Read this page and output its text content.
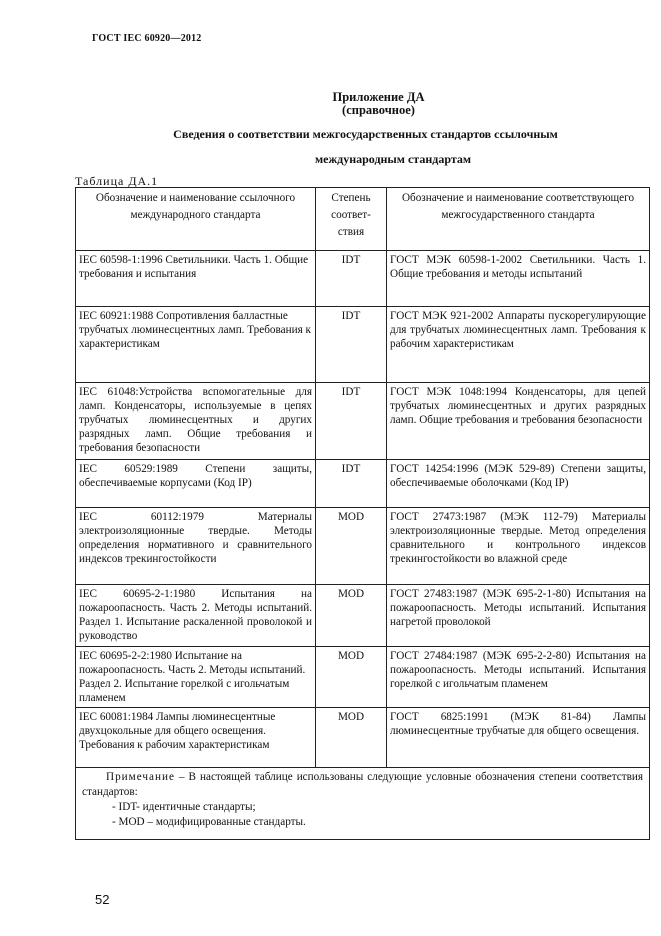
ГОСТ IEC 60920—2012
Приложение ДА
(справочное)
Сведения о соответствии межгосударственных стандартов ссылочным
международным стандартам
Таблица ДА.1
Обозначение и наименование ссылочного международного стандарта	Степень соответ-ствия	Обозначение и наименование соответствующего межгосударственного стандарта
IEC 60598-1:1996 Светильники. Часть 1. Общие требования и испытания	IDT	ГОСТ МЭК 60598-1-2002 Светильники. Часть 1. Общие требования и методы испытаний
IEC 60921:1988 Сопротивления баллaстные трубчатых люминесцентных ламп. Требования к характеристикам	IDT	ГОСТ МЭК 921-2002 Аппараты пускорегулирующие для трубчатых люминесцентных ламп. Требования к рабочим характеристикам
IEC 61048:Устройства вспомогательные для ламп. Конденсаторы, используемые в цепях трубчатых люминесцентных и других разрядных ламп. Общие требования и требования безопасности	IDT	ГОСТ МЭК 1048:1994 Конденсаторы, для цепей трубчатых люминесцентных и других разрядных ламп. Общие требования и требования безопасности
IEC 60529:1989 Степени защиты, обеспечиваемые корпусами (Код IP)	IDT	ГОСТ 14254:1996 (МЭК 529-89) Степени защиты, обеспечиваемые оболочками (Код IP)
IEC 60112:1979 Материалы электроизоляционные твердые. Методы определения нормативного и сравнительного индексов трекингостойкости	MOD	ГОСТ 27473:1987 (МЭК 112-79) Материалы электроизоляционные твердые. Метод определения сравнительного и контрольного индексов трекингостойкости во влажной среде
IEC 60695-2-1:1980 Испытания на пожароопасность. Часть 2. Методы испытаний. Раздел 1. Испытание раскаленной проволокой и руководство	MOD	ГОСТ 27483:1987 (МЭК 695-2-1-80) Испытания на пожароопасность. Методы испытаний. Испытания нагретой проволокой
IEC 60695-2-2:1980 Испытание на пожароопасность. Часть 2. Методы испытаний. Раздел 2. Испытание горелкой с игольчатым пламенем	MOD	ГОСТ 27484:1987 (МЭК 695-2-2-80) Испытания на пожароопасность. Методы испытаний. Испытания горелкой с игольчатым пламенем
IEC 60081:1984 Лампы люминесцентные двухцокольные для общего освещения. Требования к рабочим характеристикам	MOD	ГОСТ 6825:1991 (МЭК 81-84) Лампы люминесцентные трубчатые для общего освещения.
Примечание – В настоящей таблице использованы следующие условные обозначения степени соответствия стандартов:
- IDT- идентичные стандарты;
- MOD – модифицированные стандарты.		
52
